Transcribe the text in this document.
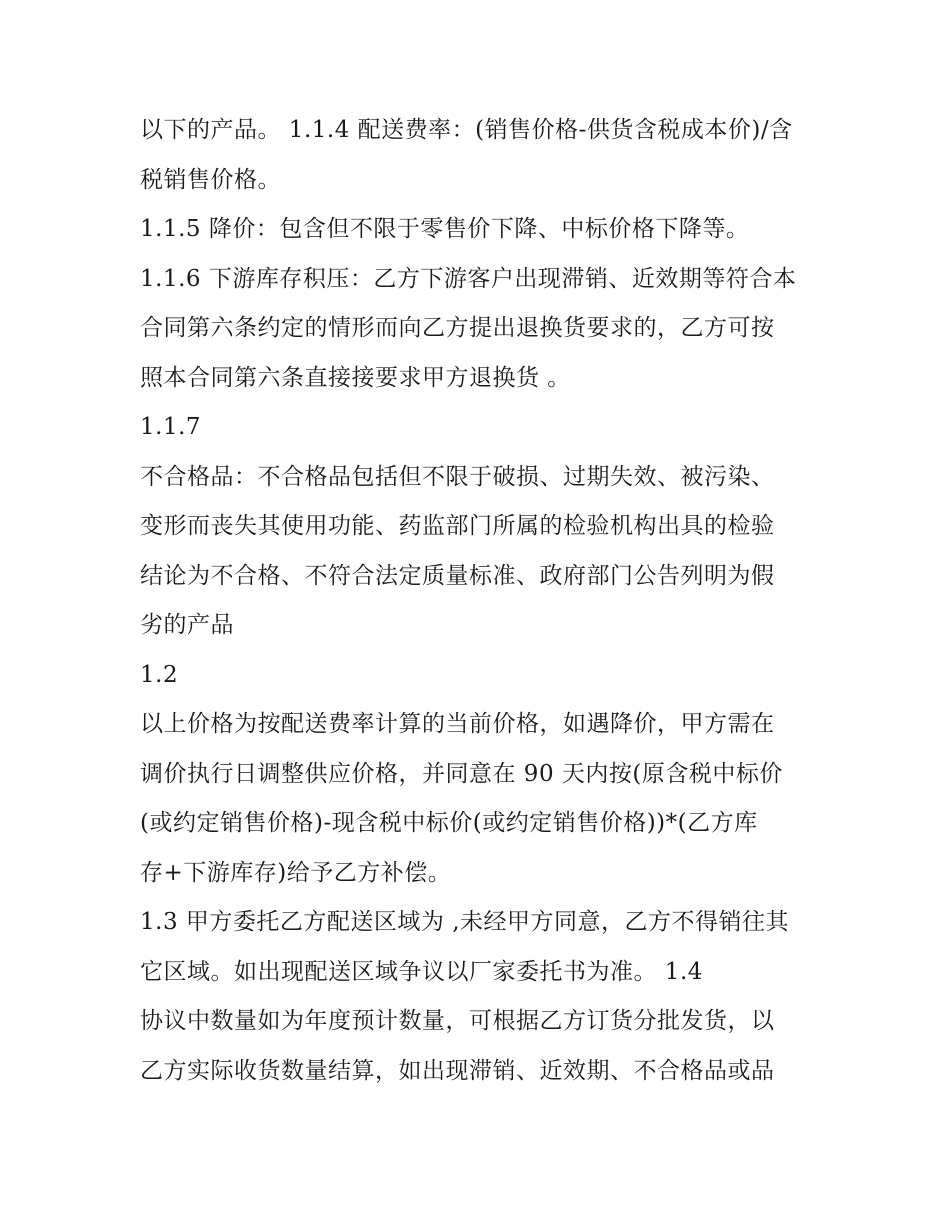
以下的产品。 1.1.4 配送费率：(销售价格-供货含税成本价)/含
税销售价格。
1.1.5 降价：包含但不限于零售价下降、中标价格下降等。
1.1.6 下游库存积压：乙方下游客户出现滞销、近效期等符合本
合同第六条约定的情形而向乙方提出退换货要求的，乙方可按
照本合同第六条直接接要求甲方退换货 。
1.1.7
不合格品：不合格品包括但不限于破损、过期失效、被污染、
变形而丧失其使用功能、药监部门所属的检验机构出具的检验
结论为不合格、不符合法定质量标准、政府部门公告列明为假
劣的产品
1.2
以上价格为按配送费率计算的当前价格，如遇降价，甲方需在
调价执行日调整供应价格，并同意在 90 天内按(原含税中标价
(或约定销售价格)-现含税中标价(或约定销售价格))*(乙方库
存+下游库存)给予乙方补偿。
1.3 甲方委托乙方配送区域为 ,未经甲方同意，乙方不得销往其
它区域。如出现配送区域争议以厂家委托书为准。 1.4
协议中数量如为年度预计数量，可根据乙方订货分批发货，以
乙方实际收货数量结算，如出现滞销、近效期、不合格品或品
